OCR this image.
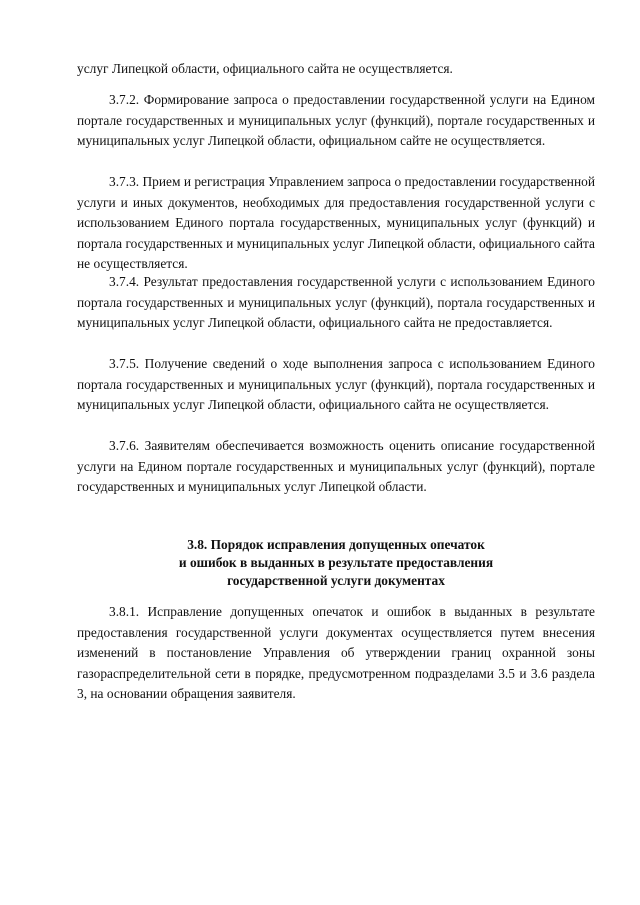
услуг Липецкой области, официального сайта не осуществляется.

3.7.2. Формирование запроса о предоставлении государственной услуги на Едином портале государственных и муниципальных услуг (функций), портале государственных и муниципальных услуг Липецкой области, официальном сайте не осуществляется.

3.7.3. Прием и регистрация Управлением запроса о предоставлении государственной услуги и иных документов, необходимых для предоставления государственной услуги с использованием Единого портала государственных, муниципальных услуг (функций) и портала государственных и муниципальных услуг Липецкой области, официального сайта не осуществляется.

3.7.4. Результат предоставления государственной услуги с использованием Единого портала государственных и муниципальных услуг (функций), портала государственных и муниципальных услуг Липецкой области, официального сайта не предоставляется.

3.7.5. Получение сведений о ходе выполнения запроса с использованием Единого портала государственных и муниципальных услуг (функций), портала государственных и муниципальных услуг Липецкой области, официального сайта не осуществляется.

3.7.6. Заявителям обеспечивается возможность оценить описание государственной услуги на Едином портале государственных и муниципальных услуг (функций), портале государственных и муниципальных услуг Липецкой области.

3.8. Порядок исправления допущенных опечаток
и ошибок в выданных в результате предоставления
государственной услуги документах

3.8.1. Исправление допущенных опечаток и ошибок в выданных в результате предоставления государственной услуги документах осуществляется путем внесения изменений в постановление Управления об утверждении границ охранной зоны газораспределительной сети в порядке, предусмотренном подразделами 3.5 и 3.6 раздела 3, на основании обращения заявителя.
